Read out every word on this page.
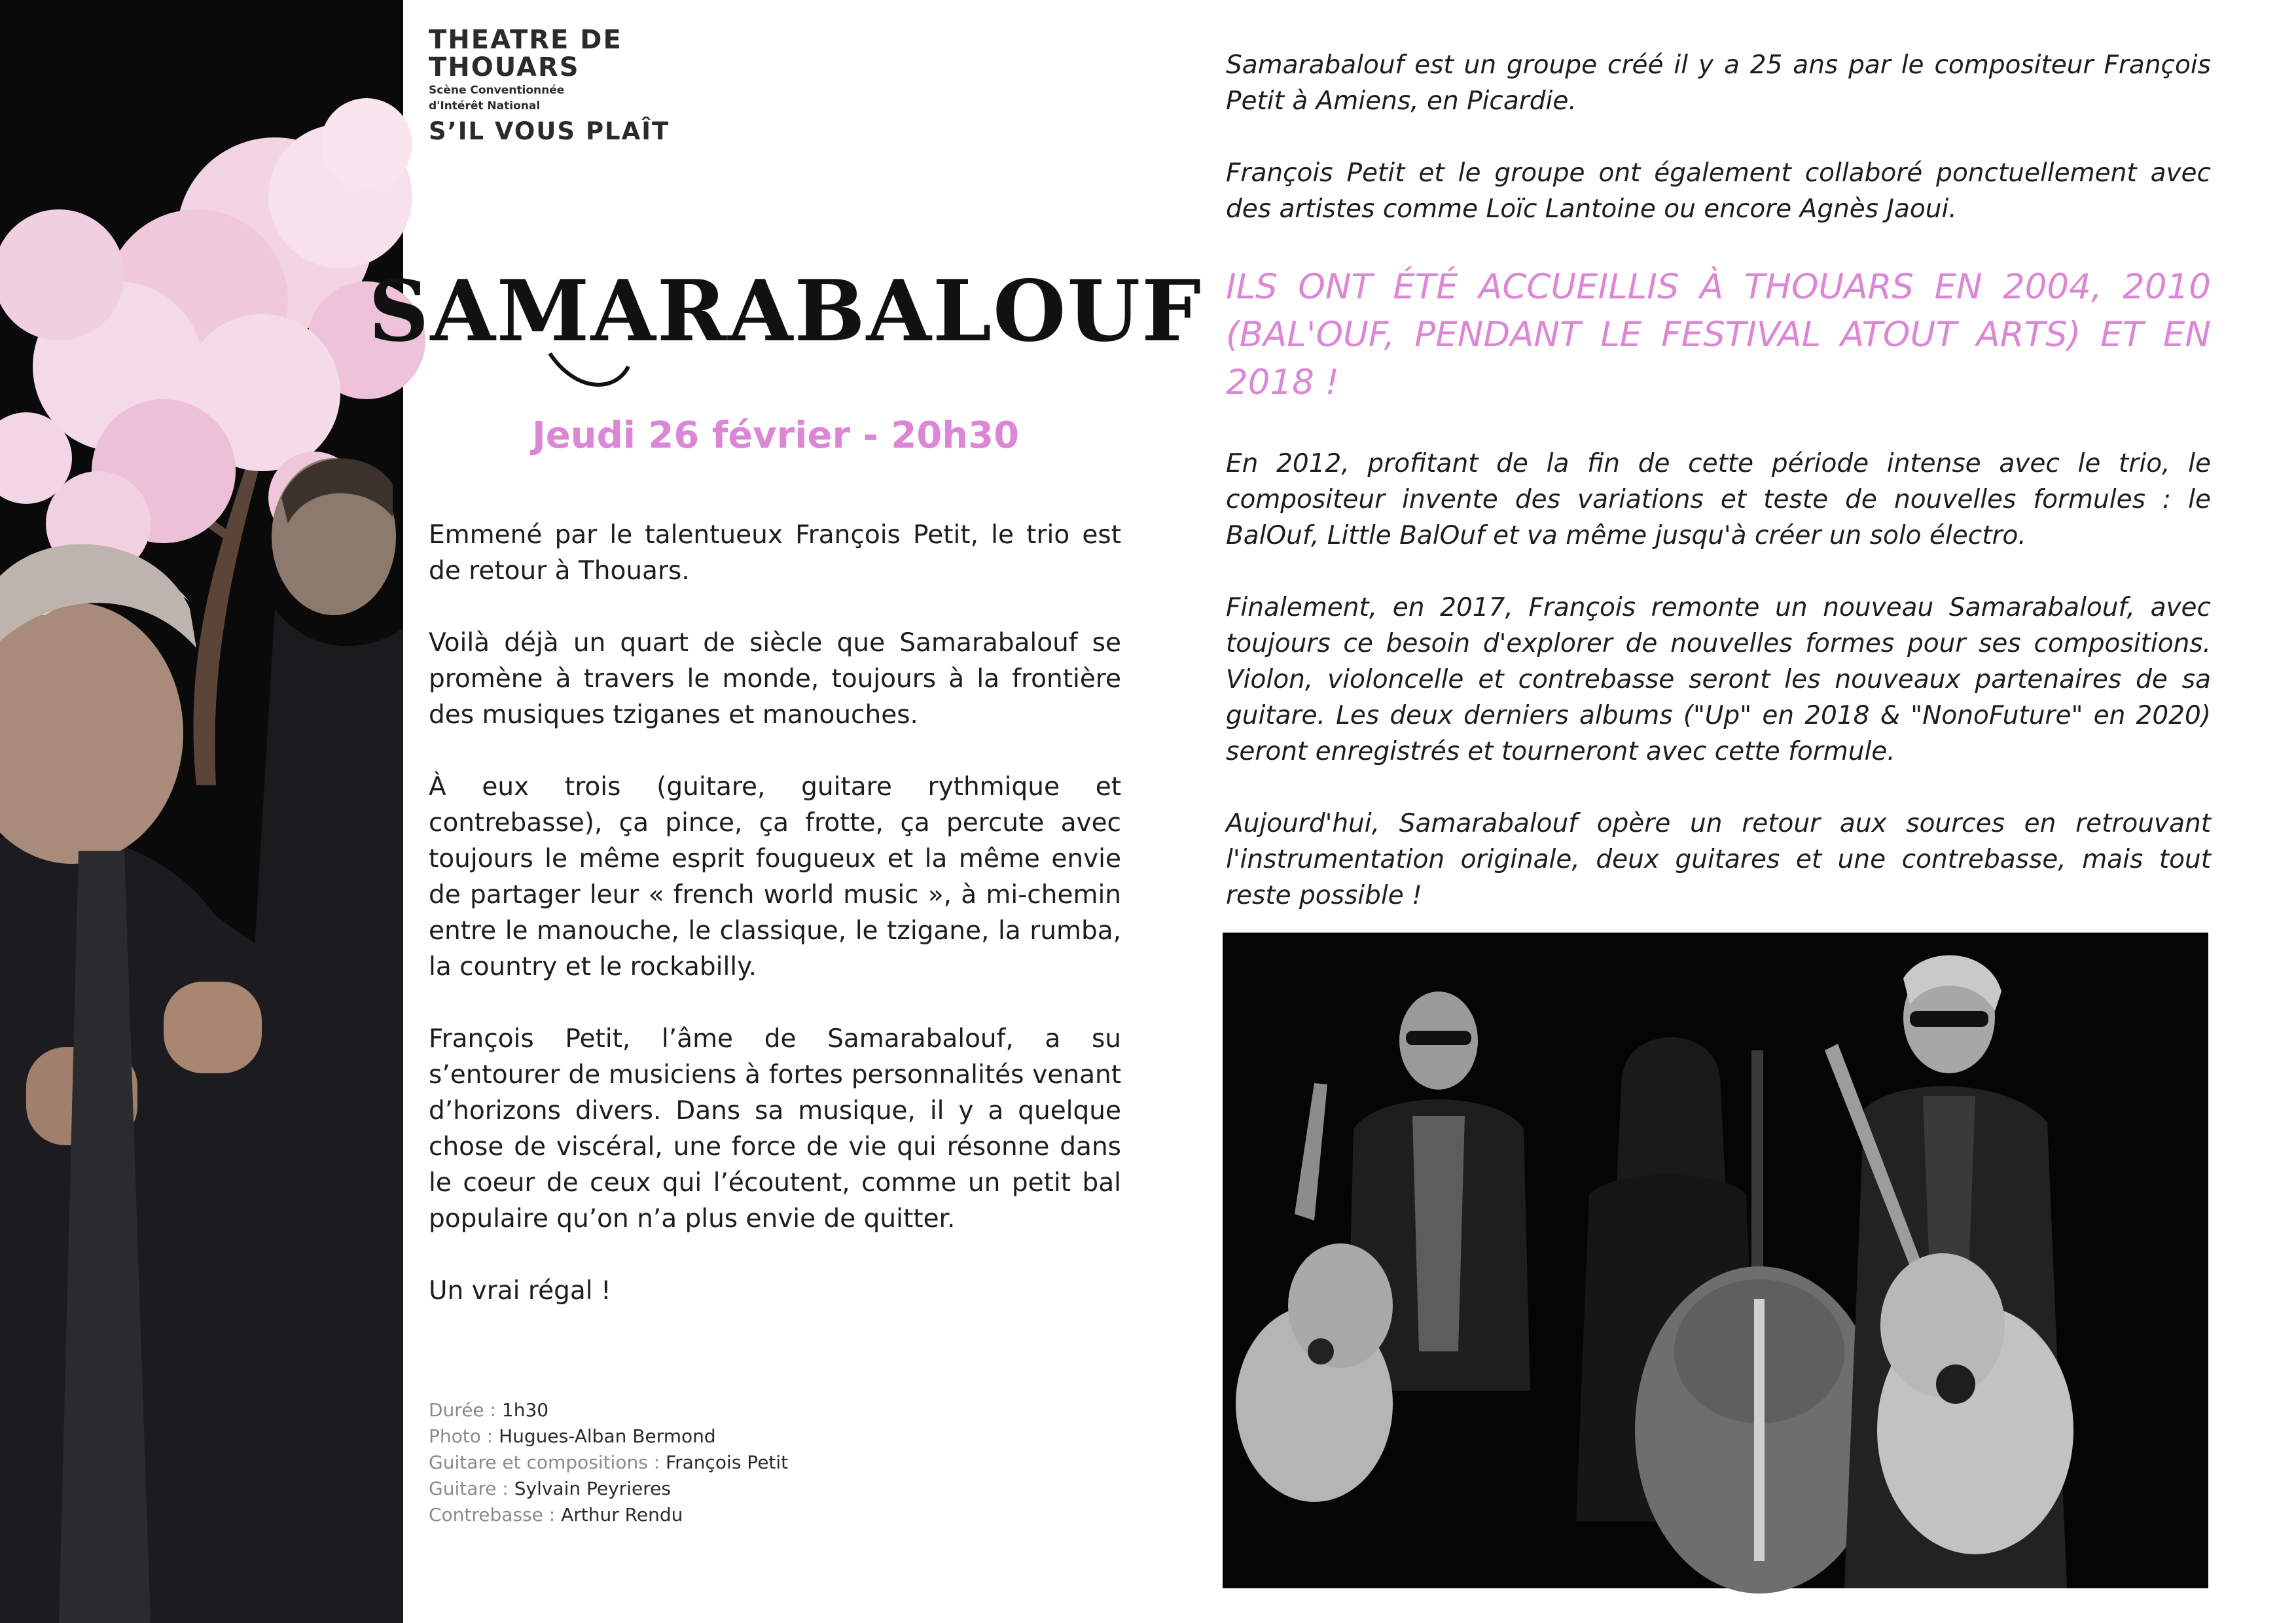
THEATRE DE THOUARS
Scène Conventionnée
d'Intérêt National
S’IL VOUS PLAÎT
SAMARABALOUF
Jeudi 26 février - 20h30

Emmené par le talentueux François Petit, le trio est de retour à Thouars.

Voilà déjà un quart de siècle que Samarabalouf se promène à travers le monde, toujours à la frontière des musiques tziganes et manouches.

À eux trois (guitare, guitare rythmique et contrebasse), ça pince, ça frotte, ça percute avec toujours le même esprit fougueux et la même envie de partager leur « french world music », à mi-chemin entre le manouche, le classique, le tzigane, la rumba, la country et le rockabilly.

François Petit, l’âme de Samarabalouf, a su s’entourer de musiciens à fortes personnalités venant d’horizons divers. Dans sa musique, il y a quelque chose de viscéral, une force de vie qui résonne dans le coeur de ceux qui l’écoutent, comme un petit bal populaire qu’on n’a plus envie de quitter.

Un vrai régal !

Durée : 1h30
Photo : Hugues-Alban Bermond
Guitare et compositions : François Petit
Guitare : Sylvain Peyrieres
Contrebasse : Arthur Rendu

Samarabalouf est un groupe créé il y a 25 ans par le compositeur François Petit à Amiens, en Picardie.

François Petit et le groupe ont également collaboré ponctuellement avec des artistes comme Loïc Lantoine ou encore Agnès Jaoui.

ILS ONT ÉTÉ ACCUEILLIS À THOUARS EN 2004, 2010 (BAL'OUF, PENDANT LE FESTIVAL ATOUT ARTS) ET EN 2018 !

En 2012, profitant de la fin de cette période intense avec le trio, le compositeur invente des variations et teste de nouvelles formules : le BalOuf, Little BalOuf et va même jusqu'à créer un solo électro.

Finalement, en 2017, François remonte un nouveau Samarabalouf, avec toujours ce besoin d'explorer de nouvelles formes pour ses compositions. Violon, violoncelle et contrebasse seront les nouveaux partenaires de sa guitare. Les deux derniers albums ("Up" en 2018 & "NonoFuture" en 2020) seront enregistrés et tourneront avec cette formule.

Aujourd'hui, Samarabalouf opère un retour aux sources en retrouvant l'instrumentation originale, deux guitares et une contrebasse, mais tout reste possible !
